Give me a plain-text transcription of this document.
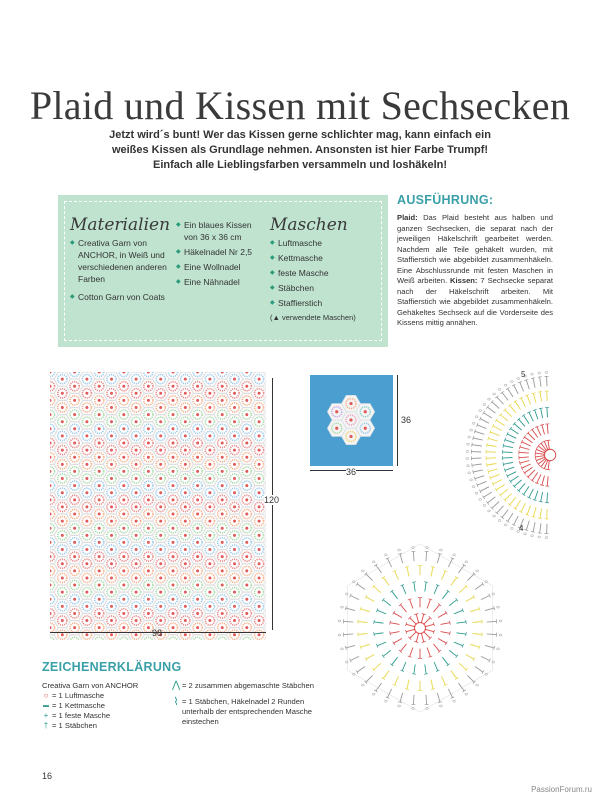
Plaid und Kissen mit Sechsecken
Jetzt wird´s bunt! Wer das Kissen gerne schlichter mag, kann einfach ein weißes Kissen als Grundlage nehmen. Ansonsten ist hier Farbe Trumpf! Einfach alle Lieblingsfarben versammeln und loshäkeln!
Materialien
◆ Creativa Garn von ANCHOR, in Weiß und verschiedenen anderen Farben
◆ Cotton Garn von Coats
◆ Ein blaues Kissen von 36 x 36 cm
◆ Häkelnadel Nr 2,5
◆ Eine Wollnadel
◆ Eine Nähnadel
Maschen
◆ Luftmasche
◆ Kettmasche
◆ feste Masche
◆ Stäbchen
◆ Staffierstich
(▲ verwendete Maschen)
AUSFÜHRUNG:
Plaid: Das Plaid besteht aus halben und ganzen Sechsecken, die separat nach der jeweiligen Häkelschrift gearbeitet werden. Nachdem alle Teile gehäkelt wurden, mit Staffierstich wie abgebildet zusammenhäkeln. Eine Abschlussrunde mit festen Maschen in Weiß arbeiten. Kissen: 7 Sechsecke separat nach der Häkelschrift arbeiten. Mit Staffierstich wie abgebildet zusammenhäkeln. Gehäkeltes Sechseck auf die Vorderseite des Kissens mittig annähen.
98
120
36
36
5
4
ZEICHENERKLÄRUNG
Creativa Garn von ANCHOR
○ = 1 Luftmasche
▬ = 1 Kettmasche
+ = 1 feste Masche
† = 1 Stäbchen
⋀ = 2 zusammen abgemaschte Stäbchen
⌇ = 1 Stäbchen, Häkelnadel 2 Runden unterhalb der entsprechenden Masche einstechen
16
PassionForum.ru
